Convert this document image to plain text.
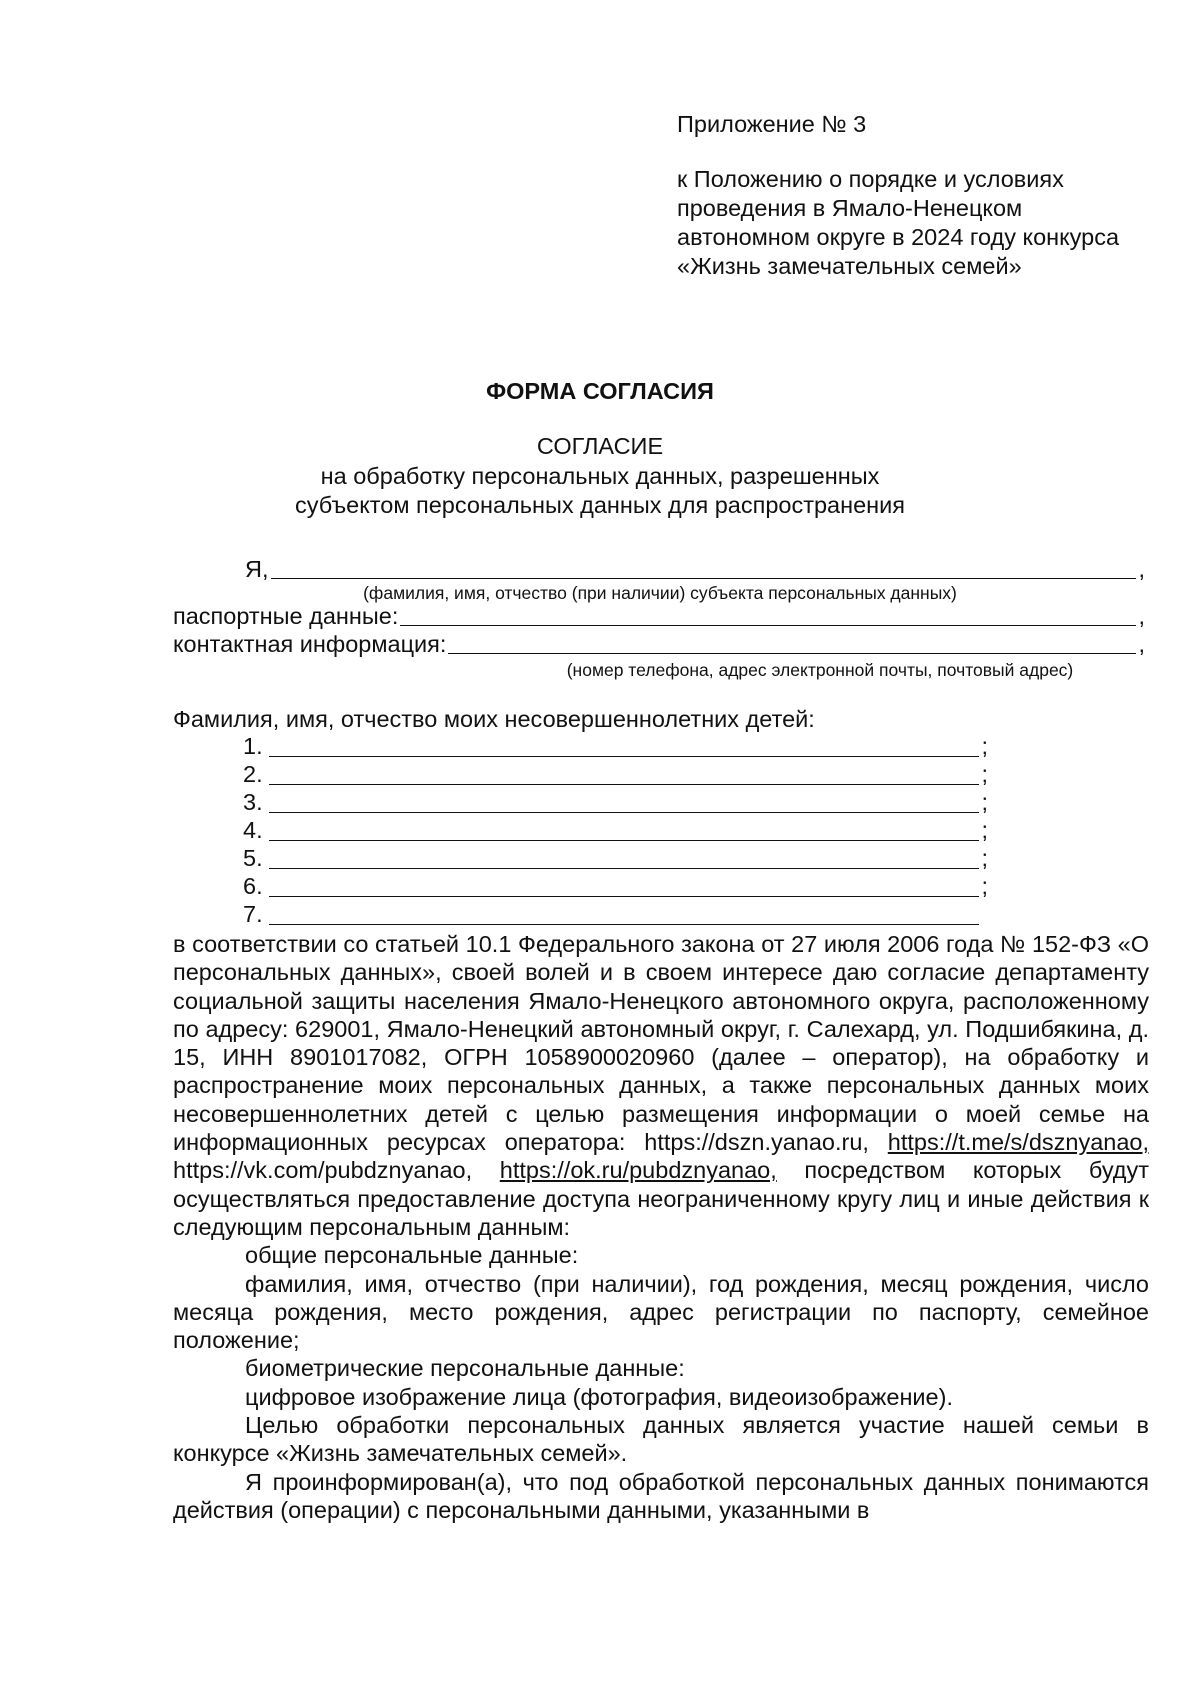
Приложение № 3

к Положению о порядке и условиях проведения в Ямало-Ненецком автономном округе в 2024 году конкурса «Жизнь замечательных семей»

ФОРМА СОГЛАСИЯ
СОГЛАСИЕ
на обработку персональных данных, разрешенных
субъектом персональных данных для распространения
Я,	,
(фамилия, имя, отчество (при наличии) субъекта персональных данных)
паспортные данные:	,
контактная информация:	,
(номер телефона, адрес электронной почты, почтовый адрес)
Фамилия, имя, отчество моих несовершеннолетних детей:
1.	;
2.	;
3.	;
4.	;
5.	;
6.	;
7.

в соответствии со статьей 10.1 Федерального закона от 27 июля 2006 года № 152-ФЗ «О персональных данных», своей волей и в своем интересе даю согласие департаменту социальной защиты населения Ямало-Ненецкого автономного округа, расположенному по адресу: 629001, Ямало-Ненецкий автономный округ, г. Салехард, ул. Подшибякина, д. 15, ИНН 8901017082, ОГРН 1058900020960 (далее – оператор), на обработку и распространение моих персональных данных, а также персональных данных моих несовершеннолетних детей с целью размещения информации о моей семье на информационных ресурсах оператора: https://dszn.yanao.ru, https://t.me/s/dsznyanao, https://vk.com/pubdznyanao, https://ok.ru/pubdznyanao, посредством которых будут осуществляться предоставление доступа неограниченному кругу лиц и иные действия к следующим персональным данным:

общие персональные данные:

фамилия, имя, отчество (при наличии), год рождения, месяц рождения, число месяца рождения, место рождения, адрес регистрации по паспорту, семейное положение;

биометрические персональные данные:

цифровое изображение лица (фотография, видеоизображение).

Целью обработки персональных данных является участие нашей семьи в конкурсе «Жизнь замечательных семей».

Я проинформирован(а), что под обработкой персональных данных понимаются действия (операции) с персональными данными, указанными в
